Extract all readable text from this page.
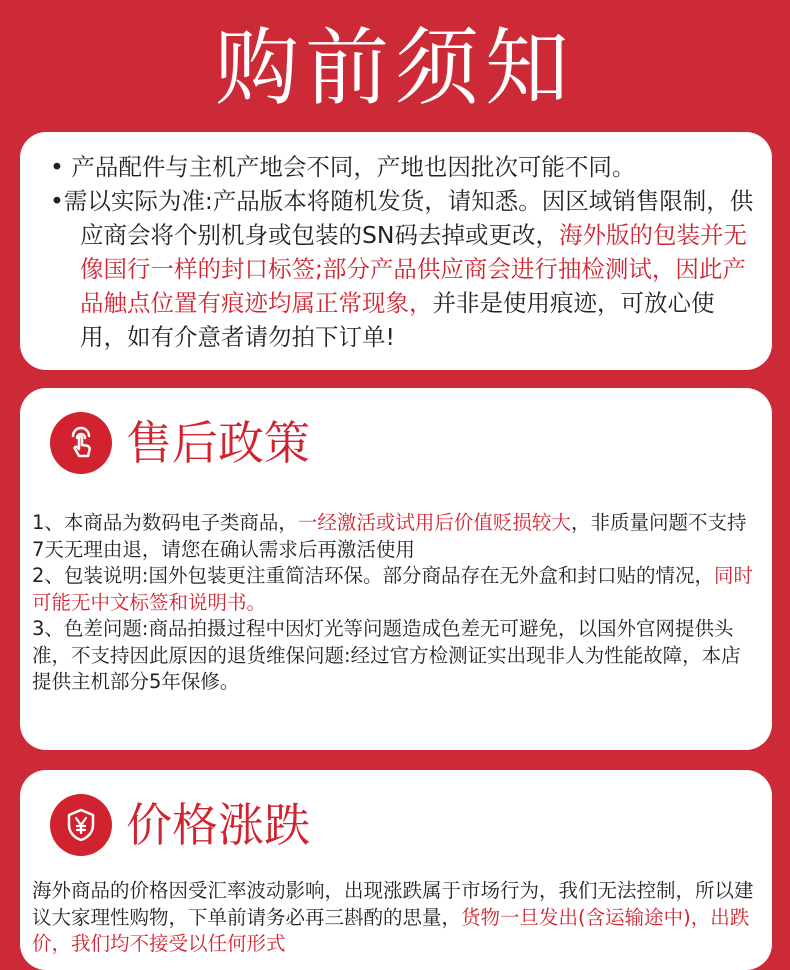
购前须知

• 产品配件与主机产地会不同，产地也因批次可能不同。

•需以实际为准:产品版本将随机发货，请知悉。因区域销售限制，供应商会将个别机身或包装的SN码去掉或更改，海外版的包装并无像国行一样的封口标签;部分产品供应商会进行抽检测试，因此产品触点位置有痕迹均属正常现象，并非是使用痕迹，可放心使用，如有介意者请勿拍下订单!

售后政策

1、本商品为数码电子类商品，一经激活或试用后价值贬损较大，非质量问题不支持7天无理由退，请您在确认需求后再激活使用

2、包装说明:国外包装更注重简洁环保。部分商品存在无外盒和封口贴的情况，同时可能无中文标签和说明书。

3、色差问题:商品拍摄过程中因灯光等问题造成色差无可避免，以国外官网提供头准，不支持因此原因的退货维保问题:经过官方检测证实出现非人为性能故障，本店提供主机部分5年保修。

价格涨跌

海外商品的价格因受汇率波动影响，出现涨跌属于市场行为，我们无法控制，所以建议大家理性购物，下单前请务必再三斟酌的思量，货物一旦发出(含运输途中)，出跌价，我们均不接受以任何形式
